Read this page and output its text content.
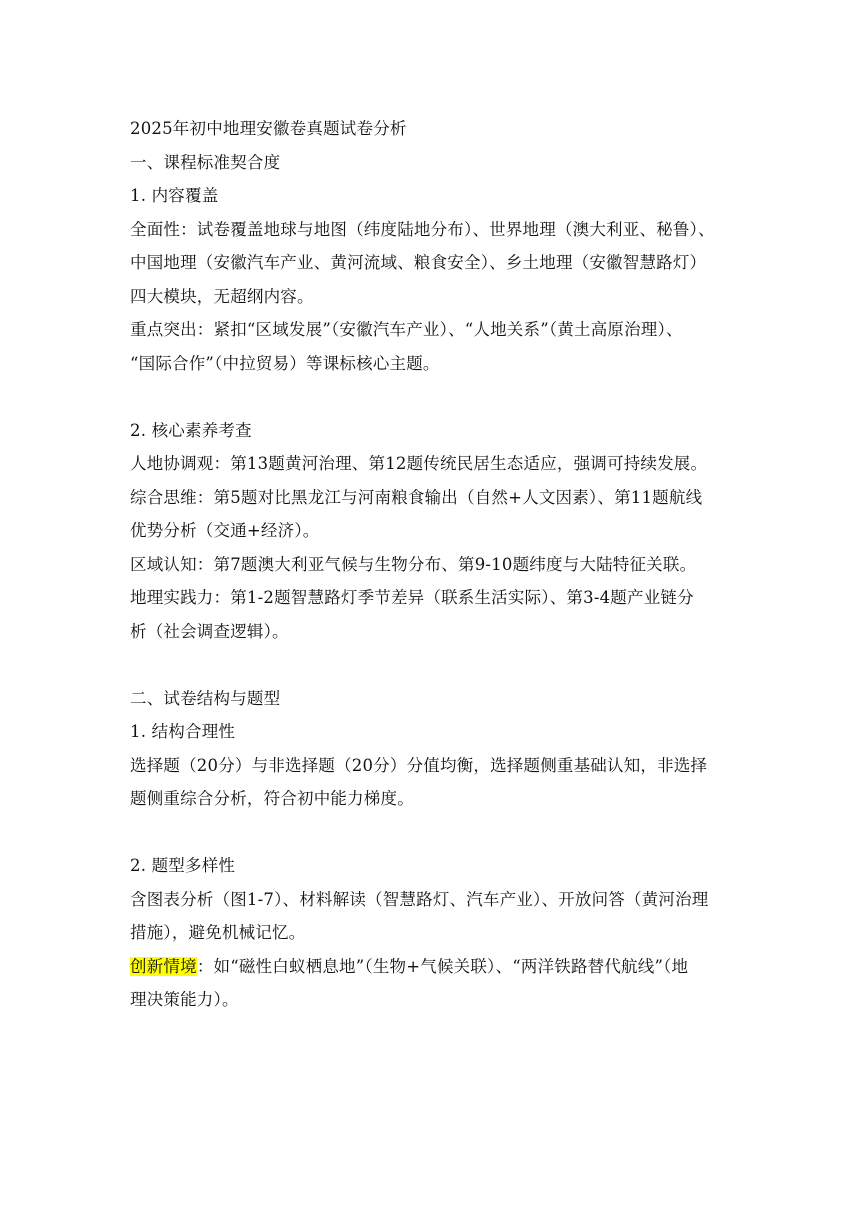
2025年初中地理安徽卷真题试卷分析
一、课程标准契合度
1. 内容覆盖
全面性：试卷覆盖地球与地图（纬度陆地分布）、世界地理（澳大利亚、秘鲁）、
中国地理（安徽汽车产业、黄河流域、粮食安全）、乡土地理（安徽智慧路灯）
四大模块，无超纲内容。
重点突出：紧扣“区域发展”（安徽汽车产业）、“人地关系”（黄土高原治理）、
“国际合作”（中拉贸易）等课标核心主题。
2. 核心素养考查
人地协调观：第13题黄河治理、第12题传统民居生态适应，强调可持续发展。
综合思维：第5题对比黑龙江与河南粮食输出（自然+人文因素）、第11题航线
优势分析（交通+经济）。
区域认知：第7题澳大利亚气候与生物分布、第9-10题纬度与大陆特征关联。
地理实践力：第1-2题智慧路灯季节差异（联系生活实际）、第3-4题产业链分
析（社会调查逻辑）。
二、试卷结构与题型
1. 结构合理性
选择题（20分）与非选择题（20分）分值均衡，选择题侧重基础认知，非选择
题侧重综合分析，符合初中能力梯度。
2. 题型多样性
含图表分析（图1-7）、材料解读（智慧路灯、汽车产业）、开放问答（黄河治理
措施），避免机械记忆。
创新情境：如“磁性白蚁栖息地”（生物+气候关联）、“两洋铁路替代航线”（地
理决策能力）。
